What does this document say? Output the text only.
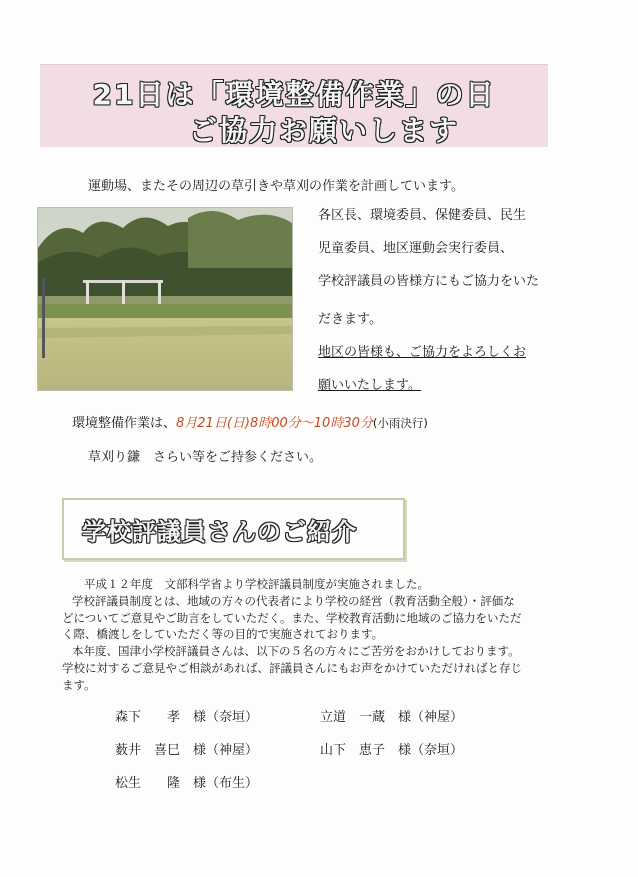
21日は「環境整備作業」の日
ご協力お願いします
運動場、またその周辺の草引きや草刈の作業を計画しています。
各区長、環境委員、保健委員、民生
児童委員、地区運動会実行委員、
学校評議員の皆様方にもご協力をいた
だきます。
地区の皆様も、ご協力をよろしくお
願いいたします。
環境整備作業は、8月21日(日)8時00分～10時30分(小雨決行)
草刈り鎌　さらい等をご持参ください。
学校評議員さんのご紹介
平成１２年度　文部科学省より学校評議員制度が実施されました。
学校評議員制度とは、地域の方々の代表者により学校の経営（教育活動全般）・評価な
どについてご意見やご助言をしていただく。また、学校教育活動に地域のご協力をいただ
く際、橋渡しをしていただく等の目的で実施されております。
本年度、国津小学校評議員さんは、以下の５名の方々にご苦労をおかけしております。
学校に対するご意見やご相談があれば、評議員さんにもお声をかけていただければと存じ
ます。
森下　　孝　様（奈垣）	立道　一蔵　様（神屋）
薮井　喜巳　様（神屋）	山下　恵子　様（奈垣）
松生　　隆　様（布生）
